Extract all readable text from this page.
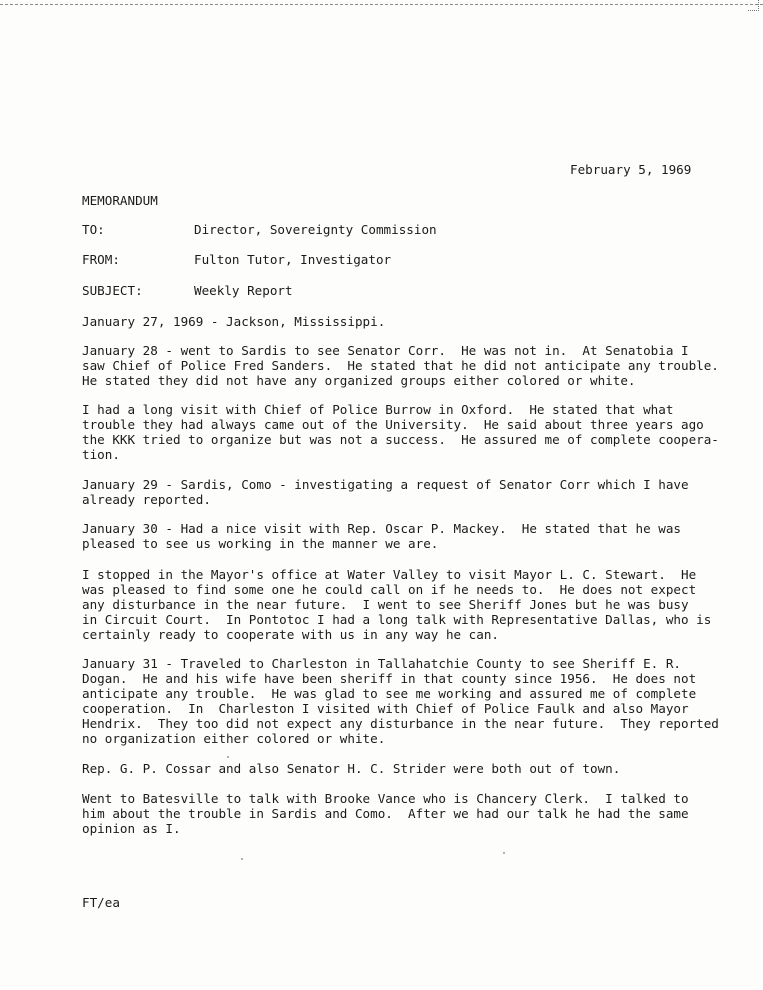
February 5, 1969
MEMORANDUM
TO:	Director, Sovereignty Commission
FROM:	Fulton Tutor, Investigator
SUBJECT:	Weekly Report
January 27, 1969 - Jackson, Mississippi.
January 28 - went to Sardis to see Senator Corr.  He was not in.  At Senatobia I
saw Chief of Police Fred Sanders.  He stated that he did not anticipate any trouble.
He stated they did not have any organized groups either colored or white.
I had a long visit with Chief of Police Burrow in Oxford.  He stated that what
trouble they had always came out of the University.  He said about three years ago
the KKK tried to organize but was not a success.  He assured me of complete coopera-
tion.
January 29 - Sardis, Como - investigating a request of Senator Corr which I have
already reported.
January 30 - Had a nice visit with Rep. Oscar P. Mackey.  He stated that he was
pleased to see us working in the manner we are.
I stopped in the Mayor's office at Water Valley to visit Mayor L. C. Stewart.  He
was pleased to find some one he could call on if he needs to.  He does not expect
any disturbance in the near future.  I went to see Sheriff Jones but he was busy
in Circuit Court.  In Pontotoc I had a long talk with Representative Dallas, who is
certainly ready to cooperate with us in any way he can.
January 31 - Traveled to Charleston in Tallahatchie County to see Sheriff E. R.
Dogan.  He and his wife have been sheriff in that county since 1956.  He does not
anticipate any trouble.  He was glad to see me working and assured me of complete
cooperation.  In  Charleston I visited with Chief of Police Faulk and also Mayor
Hendrix.  They too did not expect any disturbance in the near future.  They reported
no organization either colored or white.
Rep. G. P. Cossar and also Senator H. C. Strider were both out of town.
Went to Batesville to talk with Brooke Vance who is Chancery Clerk.  I talked to
him about the trouble in Sardis and Como.  After we had our talk he had the same
opinion as I.
FT/ea
